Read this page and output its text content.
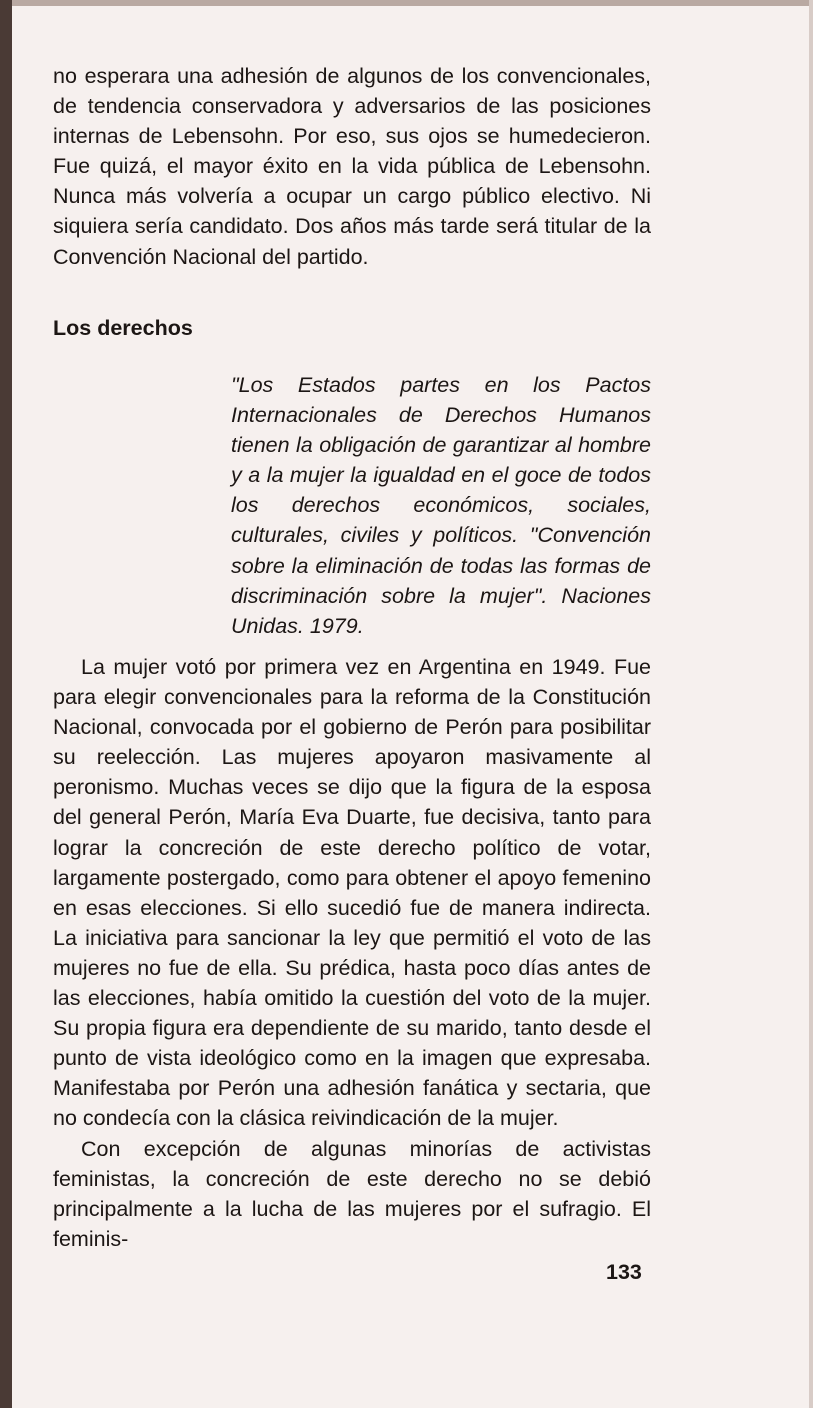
no esperara una adhesión de algunos de los convencionales, de tendencia conservadora y adversarios de las posiciones internas de Lebensohn. Por eso, sus ojos se humedecieron. Fue quizá, el mayor éxito en la vida pública de Lebensohn. Nunca más volvería a ocupar un cargo público electivo. Ni siquiera sería candidato. Dos años más tarde será titular de la Convención Nacional del partido.

Los derechos

"Los Estados partes en los Pactos Internacionales de Derechos Humanos tienen la obligación de garantizar al hombre y a la mujer la igualdad en el goce de todos los derechos económicos, sociales, culturales, civiles y políticos. "Convención sobre la eliminación de todas las formas de discriminación sobre la mujer". Naciones Unidas. 1979.

La mujer votó por primera vez en Argentina en 1949. Fue para elegir convencionales para la reforma de la Constitución Nacional, convocada por el gobierno de Perón para posibilitar su reelección. Las mujeres apoyaron masivamente al peronismo. Muchas veces se dijo que la figura de la esposa del general Perón, María Eva Duarte, fue decisiva, tanto para lograr la concreción de este derecho político de votar, largamente postergado, como para obtener el apoyo femenino en esas elecciones. Si ello sucedió fue de manera indirecta. La iniciativa para sancionar la ley que permitió el voto de las mujeres no fue de ella. Su prédica, hasta poco días antes de las elecciones, había omitido la cuestión del voto de la mujer. Su propia figura era dependiente de su marido, tanto desde el punto de vista ideológico como en la imagen que expresaba. Manifestaba por Perón una adhesión fanática y sectaria, que no condecía con la clásica reivindicación de la mujer.

Con excepción de algunas minorías de activistas feministas, la concreción de este derecho no se debió principalmente a la lucha de las mujeres por el sufragio. El feminis-

133
